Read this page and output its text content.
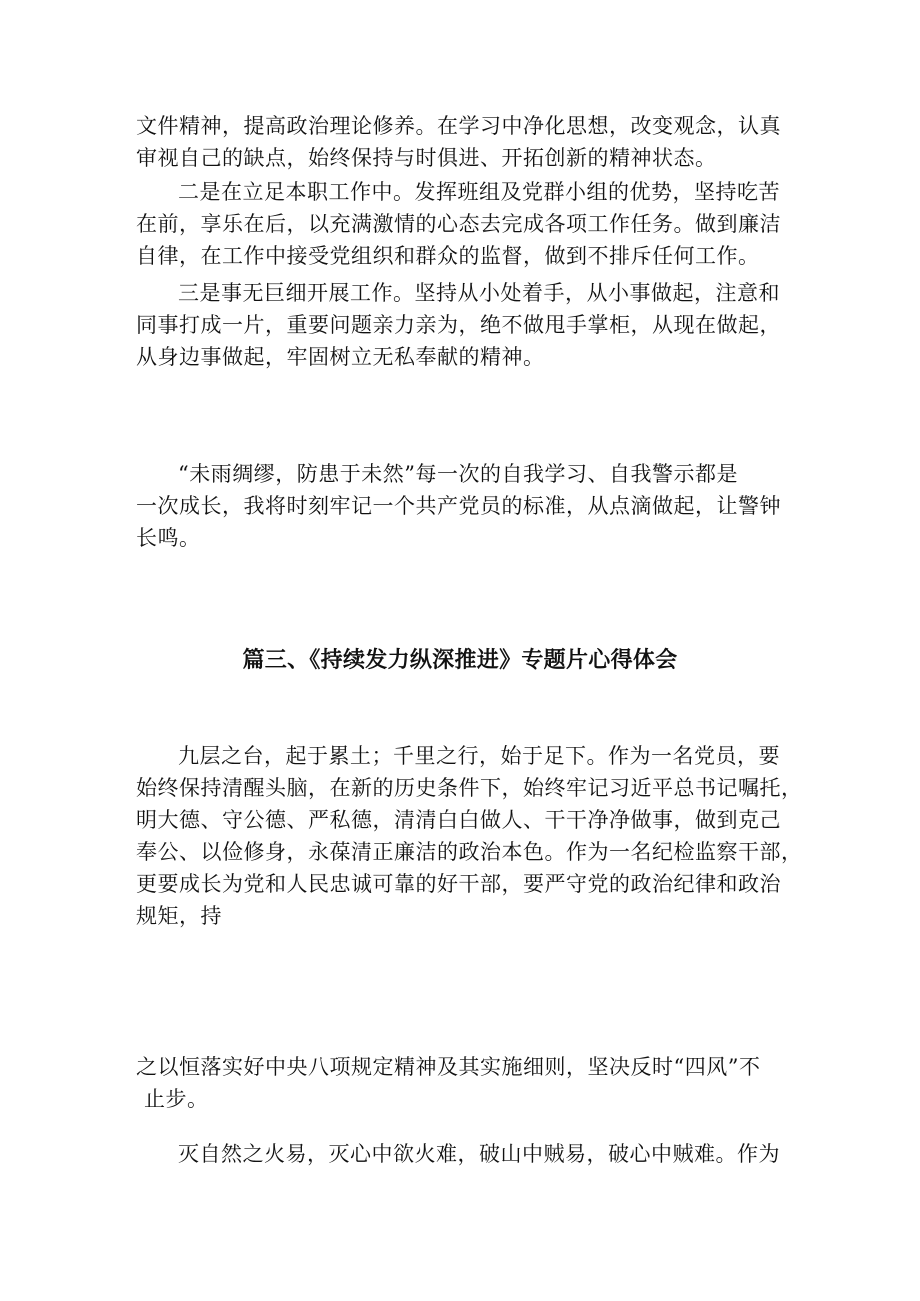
文件精神，提高政治理论修养。在学习中净化思想，改变观念，认真
审视自己的缺点，始终保持与时俱进、开拓创新的精神状态。
二是在立足本职工作中。发挥班组及党群小组的优势，坚持吃苦
在前，享乐在后，以充满激情的心态去完成各项工作任务。做到廉洁
自律，在工作中接受党组织和群众的监督，做到不排斥任何工作。
三是事无巨细开展工作。坚持从小处着手，从小事做起，注意和
同事打成一片，重要问题亲力亲为，绝不做甩手掌柜，从现在做起，
从身边事做起，牢固树立无私奉献的精神。
“未雨绸缪，防患于未然”每一次的自我学习、自我警示都是
一次成长，我将时刻牢记一个共产党员的标准，从点滴做起，让警钟
长鸣。
篇三、《持续发力纵深推进》专题片心得体会
九层之台，起于累土；千里之行，始于足下。作为一名党员，要
始终保持清醒头脑，在新的历史条件下，始终牢记习近平总书记嘱托，
明大德、守公德、严私德，清清白白做人、干干净净做事，做到克己
奉公、以俭修身，永葆清正廉洁的政治本色。作为一名纪检监察干部，
更要成长为党和人民忠诚可靠的好干部，要严守党的政治纪律和政治
规矩，持
之以恒落实好中央八项规定精神及其实施细则，坚决反时“四风”不
止步。
灭自然之火易，灭心中欲火难，破山中贼易，破心中贼难。作为
